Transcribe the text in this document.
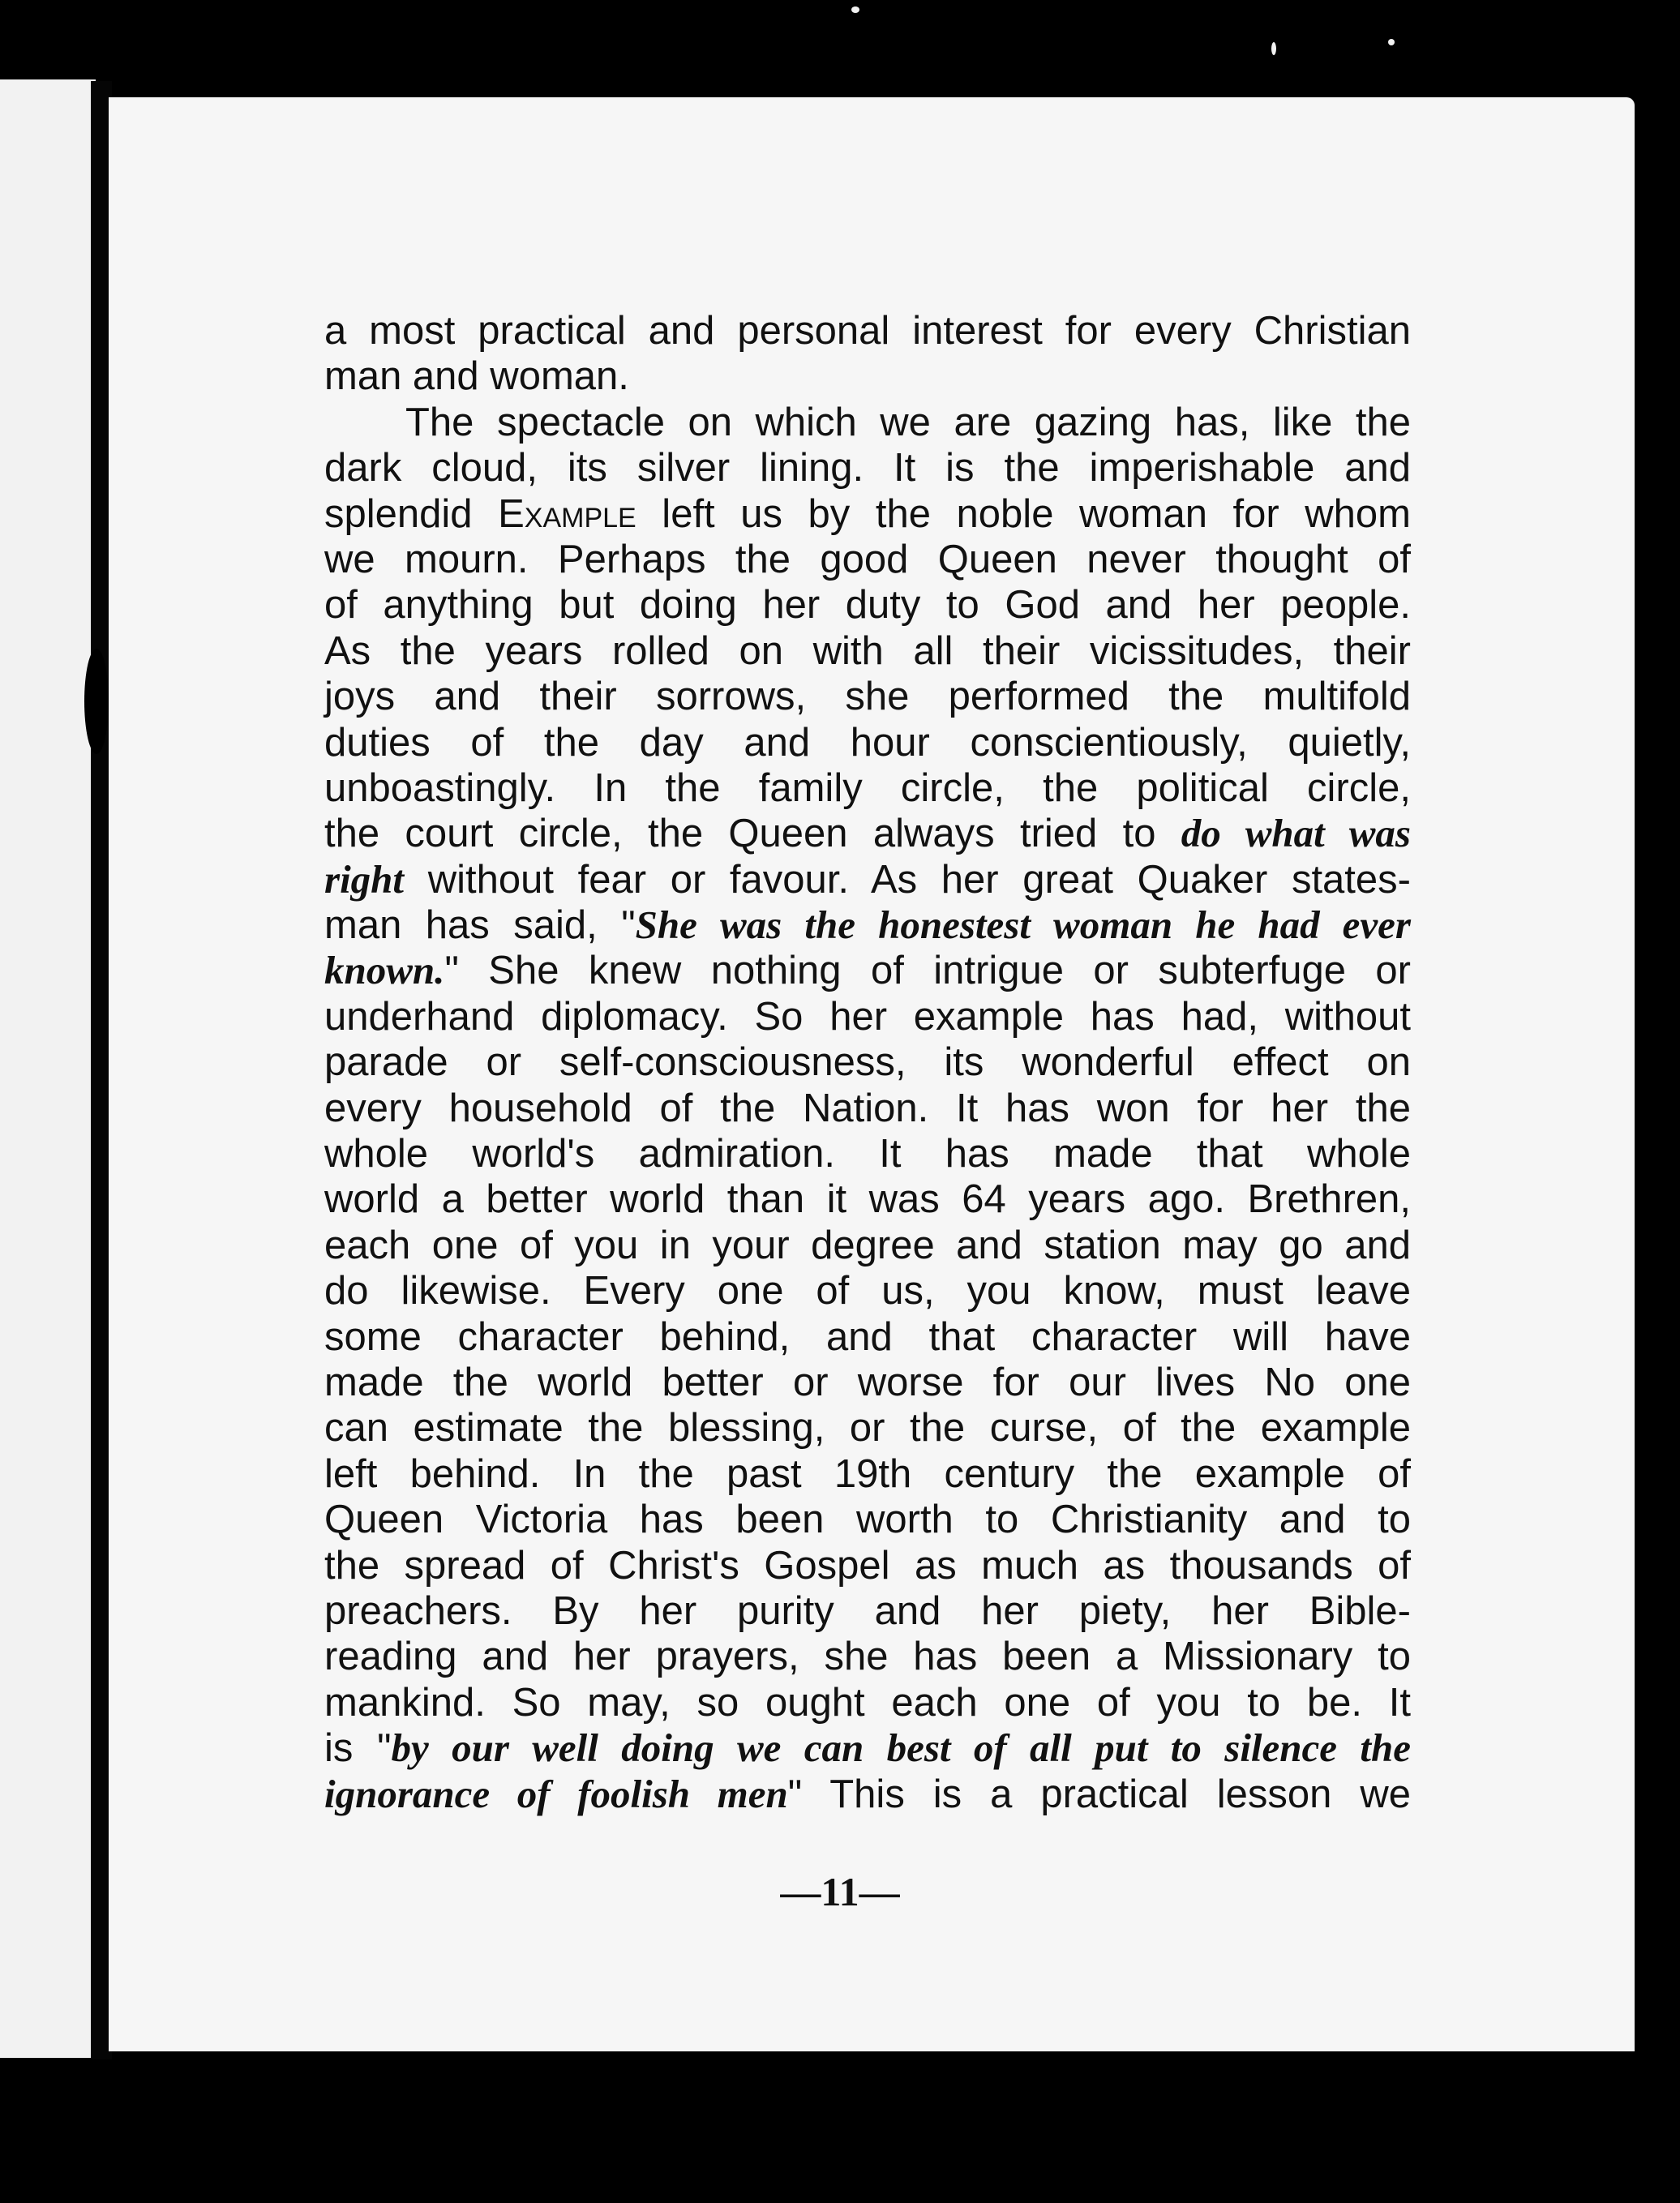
a most practical and personal interest for every Christian
man and woman.
The spectacle on which we are gazing has, like the
dark cloud, its silver lining. It is the imperishable and
splendid Example left us by the noble woman for whom
we mourn. Perhaps the good Queen never thought of
of anything but doing her duty to God and her people.
As the years rolled on with all their vicissitudes, their
joys and their sorrows, she performed the multifold
duties of the day and hour conscientiously, quietly,
unboastingly. In the family circle, the political circle,
the court circle, the Queen always tried to do what was
right without fear or favour. As her great Quaker states-
man has said, "She was the honestest woman he had ever
known." She knew nothing of intrigue or subterfuge or
underhand diplomacy. So her example has had, without
parade or self-consciousness, its wonderful effect on
every household of the Nation. It has won for her the
whole world's admiration. It has made that whole
world a better world than it was 64 years ago. Brethren,
each one of you in your degree and station may go and
do likewise. Every one of us, you know, must leave
some character behind, and that character will have
made the world better or worse for our lives No one
can estimate the blessing, or the curse, of the example
left behind. In the past 19th century the example of
Queen Victoria has been worth to Christianity and to
the spread of Christ's Gospel as much as thousands of
preachers. By her purity and her piety, her Bible-
reading and her prayers, she has been a Missionary to
mankind. So may, so ought each one of you to be. It
is "by our well doing we can best of all put to silence the
ignorance of foolish men" This is a practical lesson we
—11—
